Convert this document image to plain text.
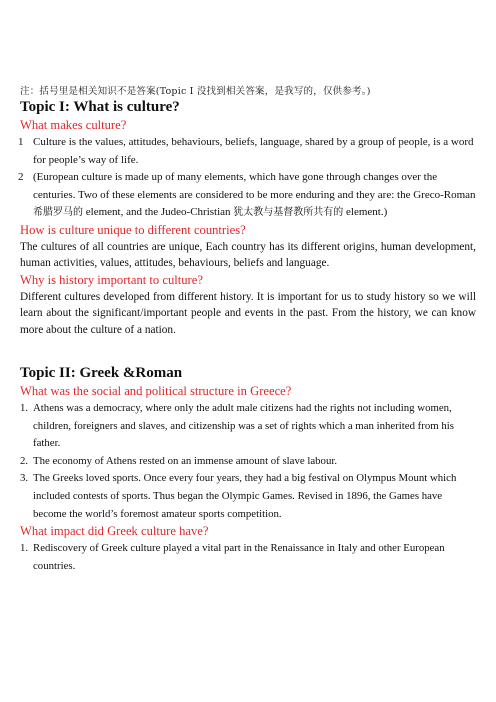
注：括号里是相关知识不是答案(Topic I 没找到相关答案，是我写的，仅供参考。)
Topic I: What is culture?

What makes culture?

1 Culture is the values, attitudes, behaviours, beliefs, language, shared by a group of people, is a word for people’s way of life.
2 (European culture is made up of many elements, which have gone through changes over the centuries. Two of these elements are considered to be more enduring and they are: the Greco-Roman 希腊罗马的 element, and the Judeo-Christian 犹太教与基督教所共有的 element.)

How is culture unique to different countries?

The cultures of all countries are unique, Each country has its different origins, human development, human activities, values, attitudes, behaviours, beliefs and language.

Why is history important to culture?

Different cultures developed from different history. It is important for us to study history so we will learn about the significant/important people and events in the past. From the history, we can know more about the culture of a nation.

Topic II: Greek &Roman

What was the social and political structure in Greece?

1. Athens was a democracy, where only the adult male citizens had the rights not including women, children, foreigners and slaves, and citizenship was a set of rights which a man inherited from his father.
2. The economy of Athens rested on an immense amount of slave labour.
3. The Greeks loved sports. Once every four years, they had a big festival on Olympus Mount which included contests of sports. Thus began the Olympic Games. Revised in 1896, the Games have become the world’s foremost amateur sports competition.

What impact did Greek culture have?

1. Rediscovery of Greek culture played a vital part in the Renaissance in Italy and other European countries.
